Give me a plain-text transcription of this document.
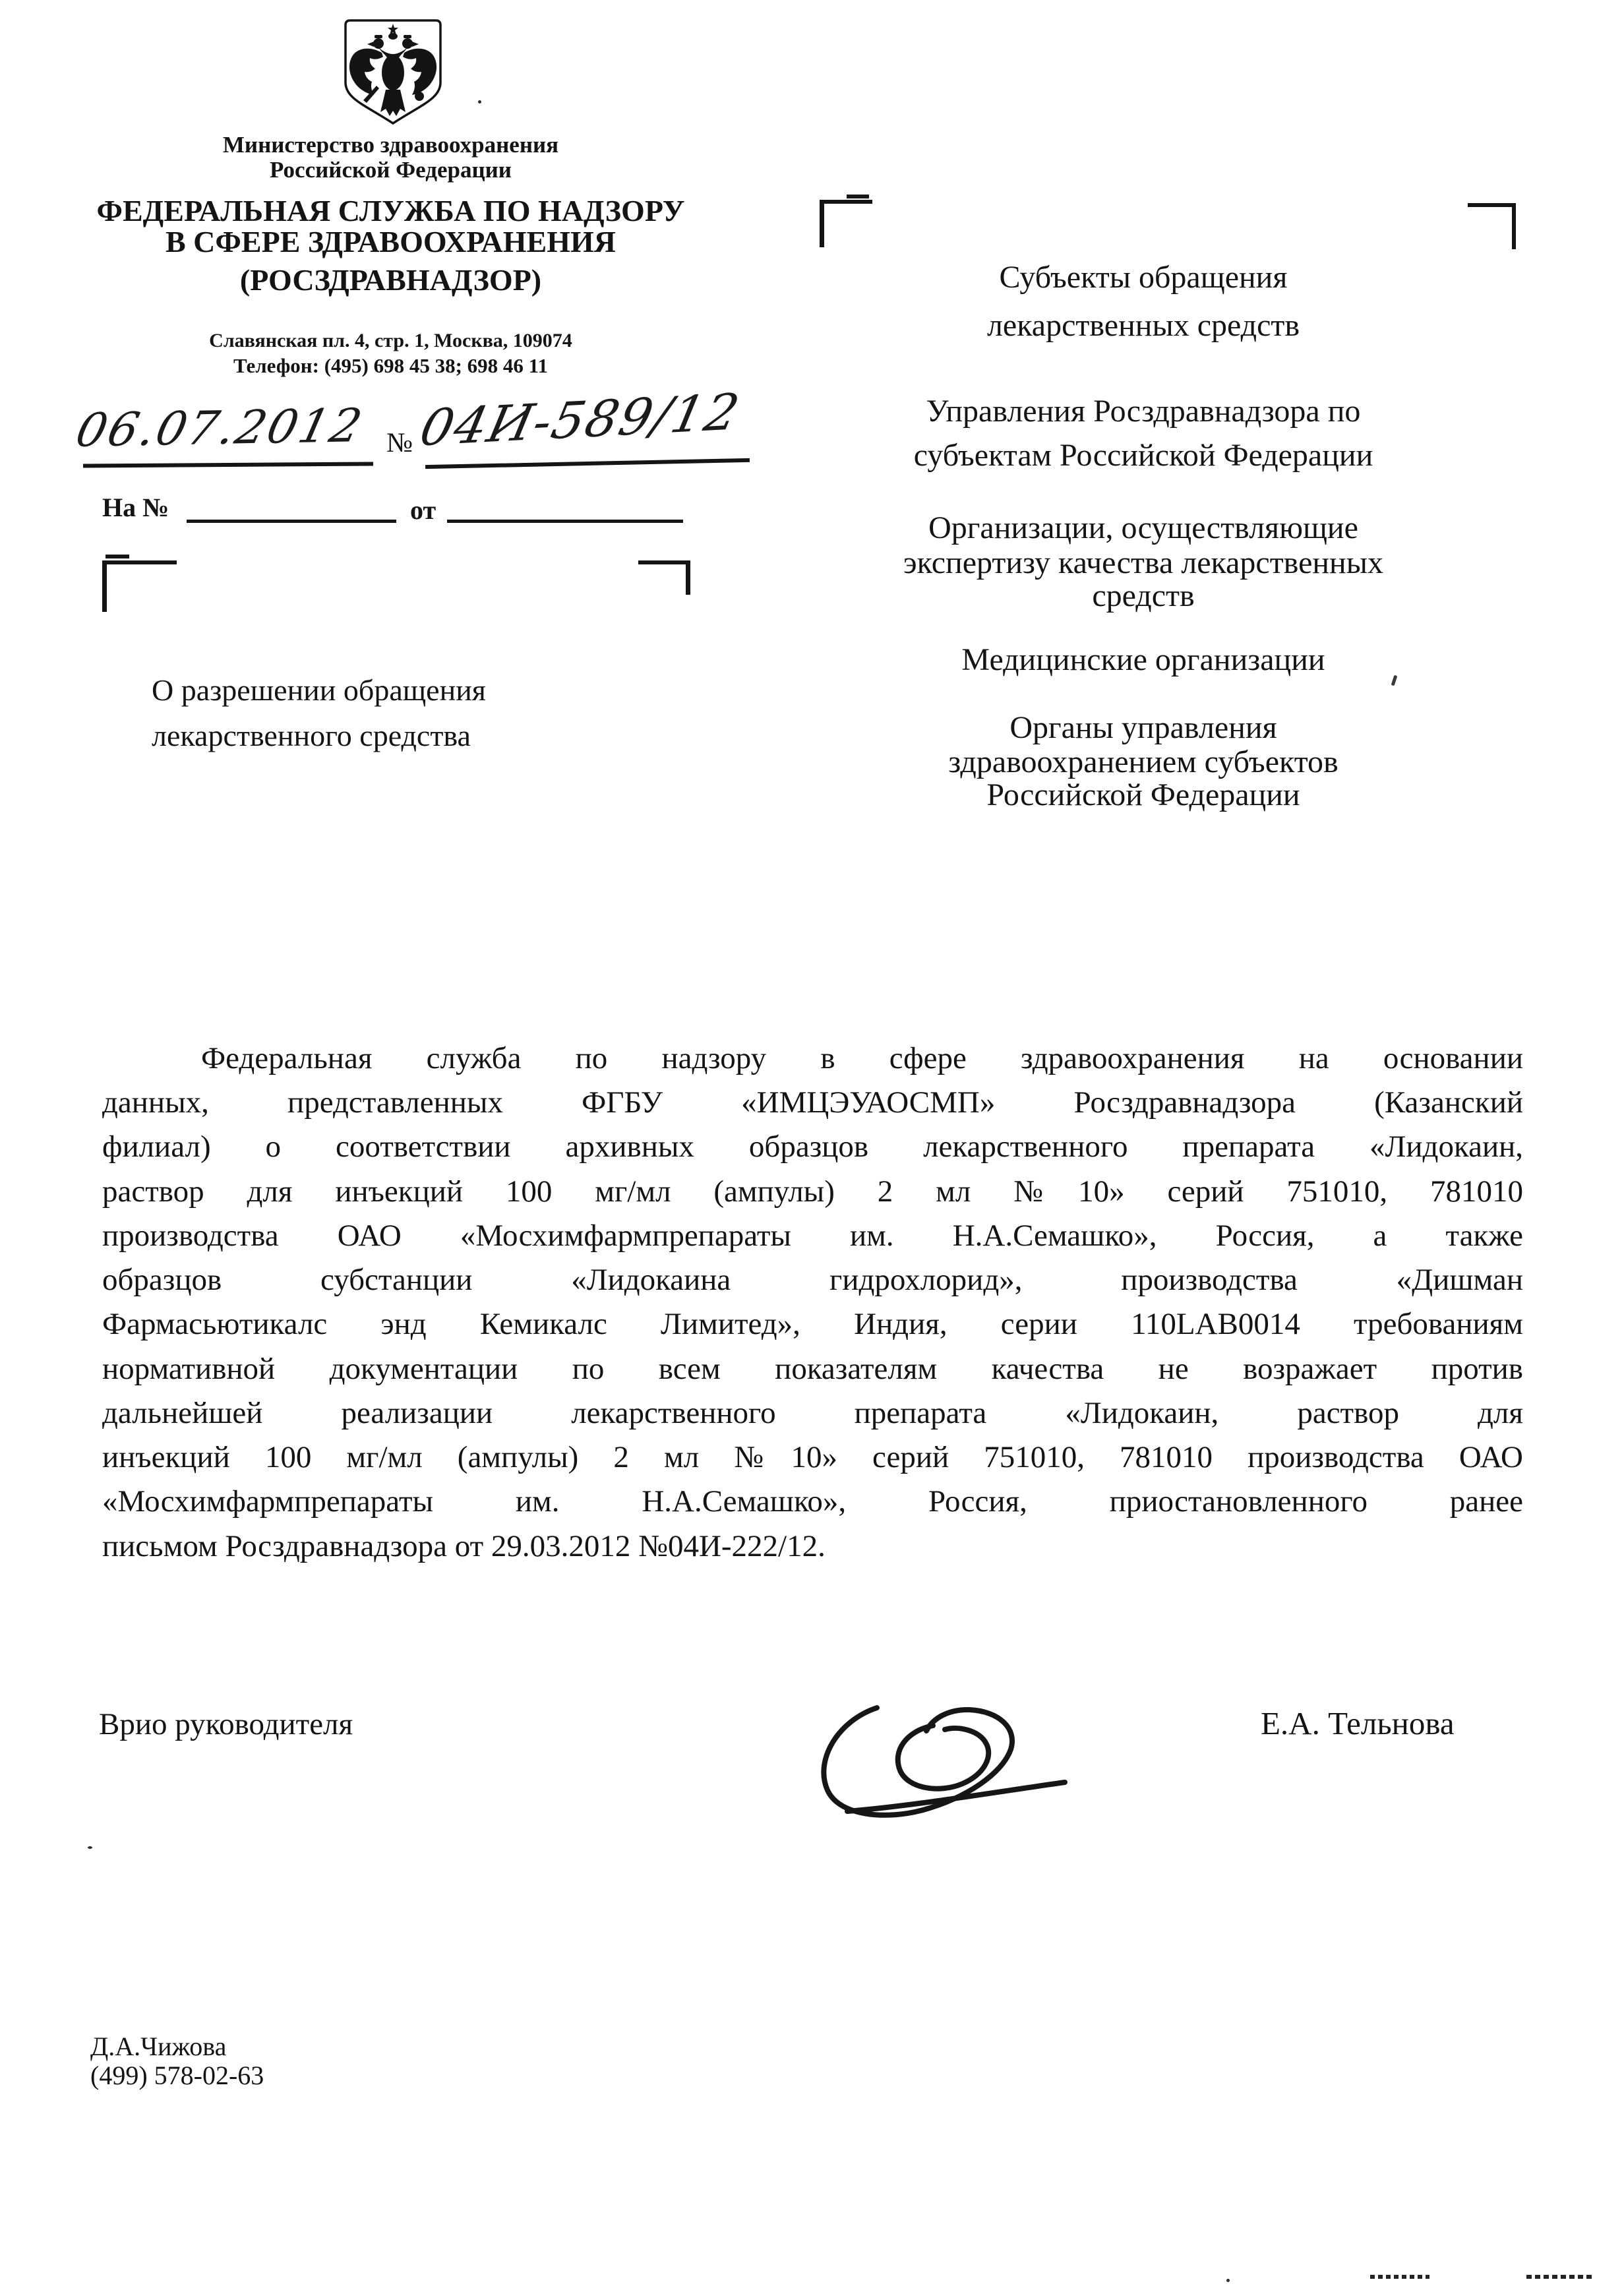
Министерство здравоохранения
Российской Федерации
ФЕДЕРАЛЬНАЯ СЛУЖБА ПО НАДЗОРУ
В СФЕРЕ ЗДРАВООХРАНЕНИЯ
(РОСЗДРАВНАДЗОР)
Славянская пл. 4, стр. 1, Москва, 109074
Телефон: (495) 698 45 38; 698 46 11
06.07.2012 № 04И-589/12
На №	от
О разрешении обращения
лекарственного средства
Субъекты обращения
лекарственных средств
Управления Росздравнадзора по
субъектам Российской Федерации
Организации, осуществляющие
экспертизу качества лекарственных
средств
Медицинские организации
Органы управления
здравоохранением субъектов
Российской Федерации
Федеральная служба по надзору в сфере здравоохранения на основании
данных, представленных ФГБУ «ИМЦЭУАОСМП» Росздравнадзора (Казанский
филиал) о соответствии архивных образцов лекарственного препарата «Лидокаин,
раствор для инъекций 100 мг/мл (ампулы) 2 мл №10» серий 751010, 781010
производства ОАО «Мосхимфармпрепараты им. Н.А.Семашко», Россия, а также
образцов субстанции «Лидокаина гидрохлорид», производства «Дишман
Фармасьютикалс энд Кемикалс Лимитед», Индия, серии 110LAB0014 требованиям
нормативной документации по всем показателям качества не возражает против
дальнейшей реализации лекарственного препарата «Лидокаин, раствор для
инъекций 100 мг/мл (ампулы) 2 мл №10» серий 751010, 781010 производства ОАО
«Мосхимфармпрепараты им. Н.А.Семашко», Россия, приостановленного ранее
письмом Росздравнадзора от 29.03.2012 №04И-222/12.
Врио руководителя	Е.А. Тельнова
Д.А.Чижова
(499) 578-02-63
